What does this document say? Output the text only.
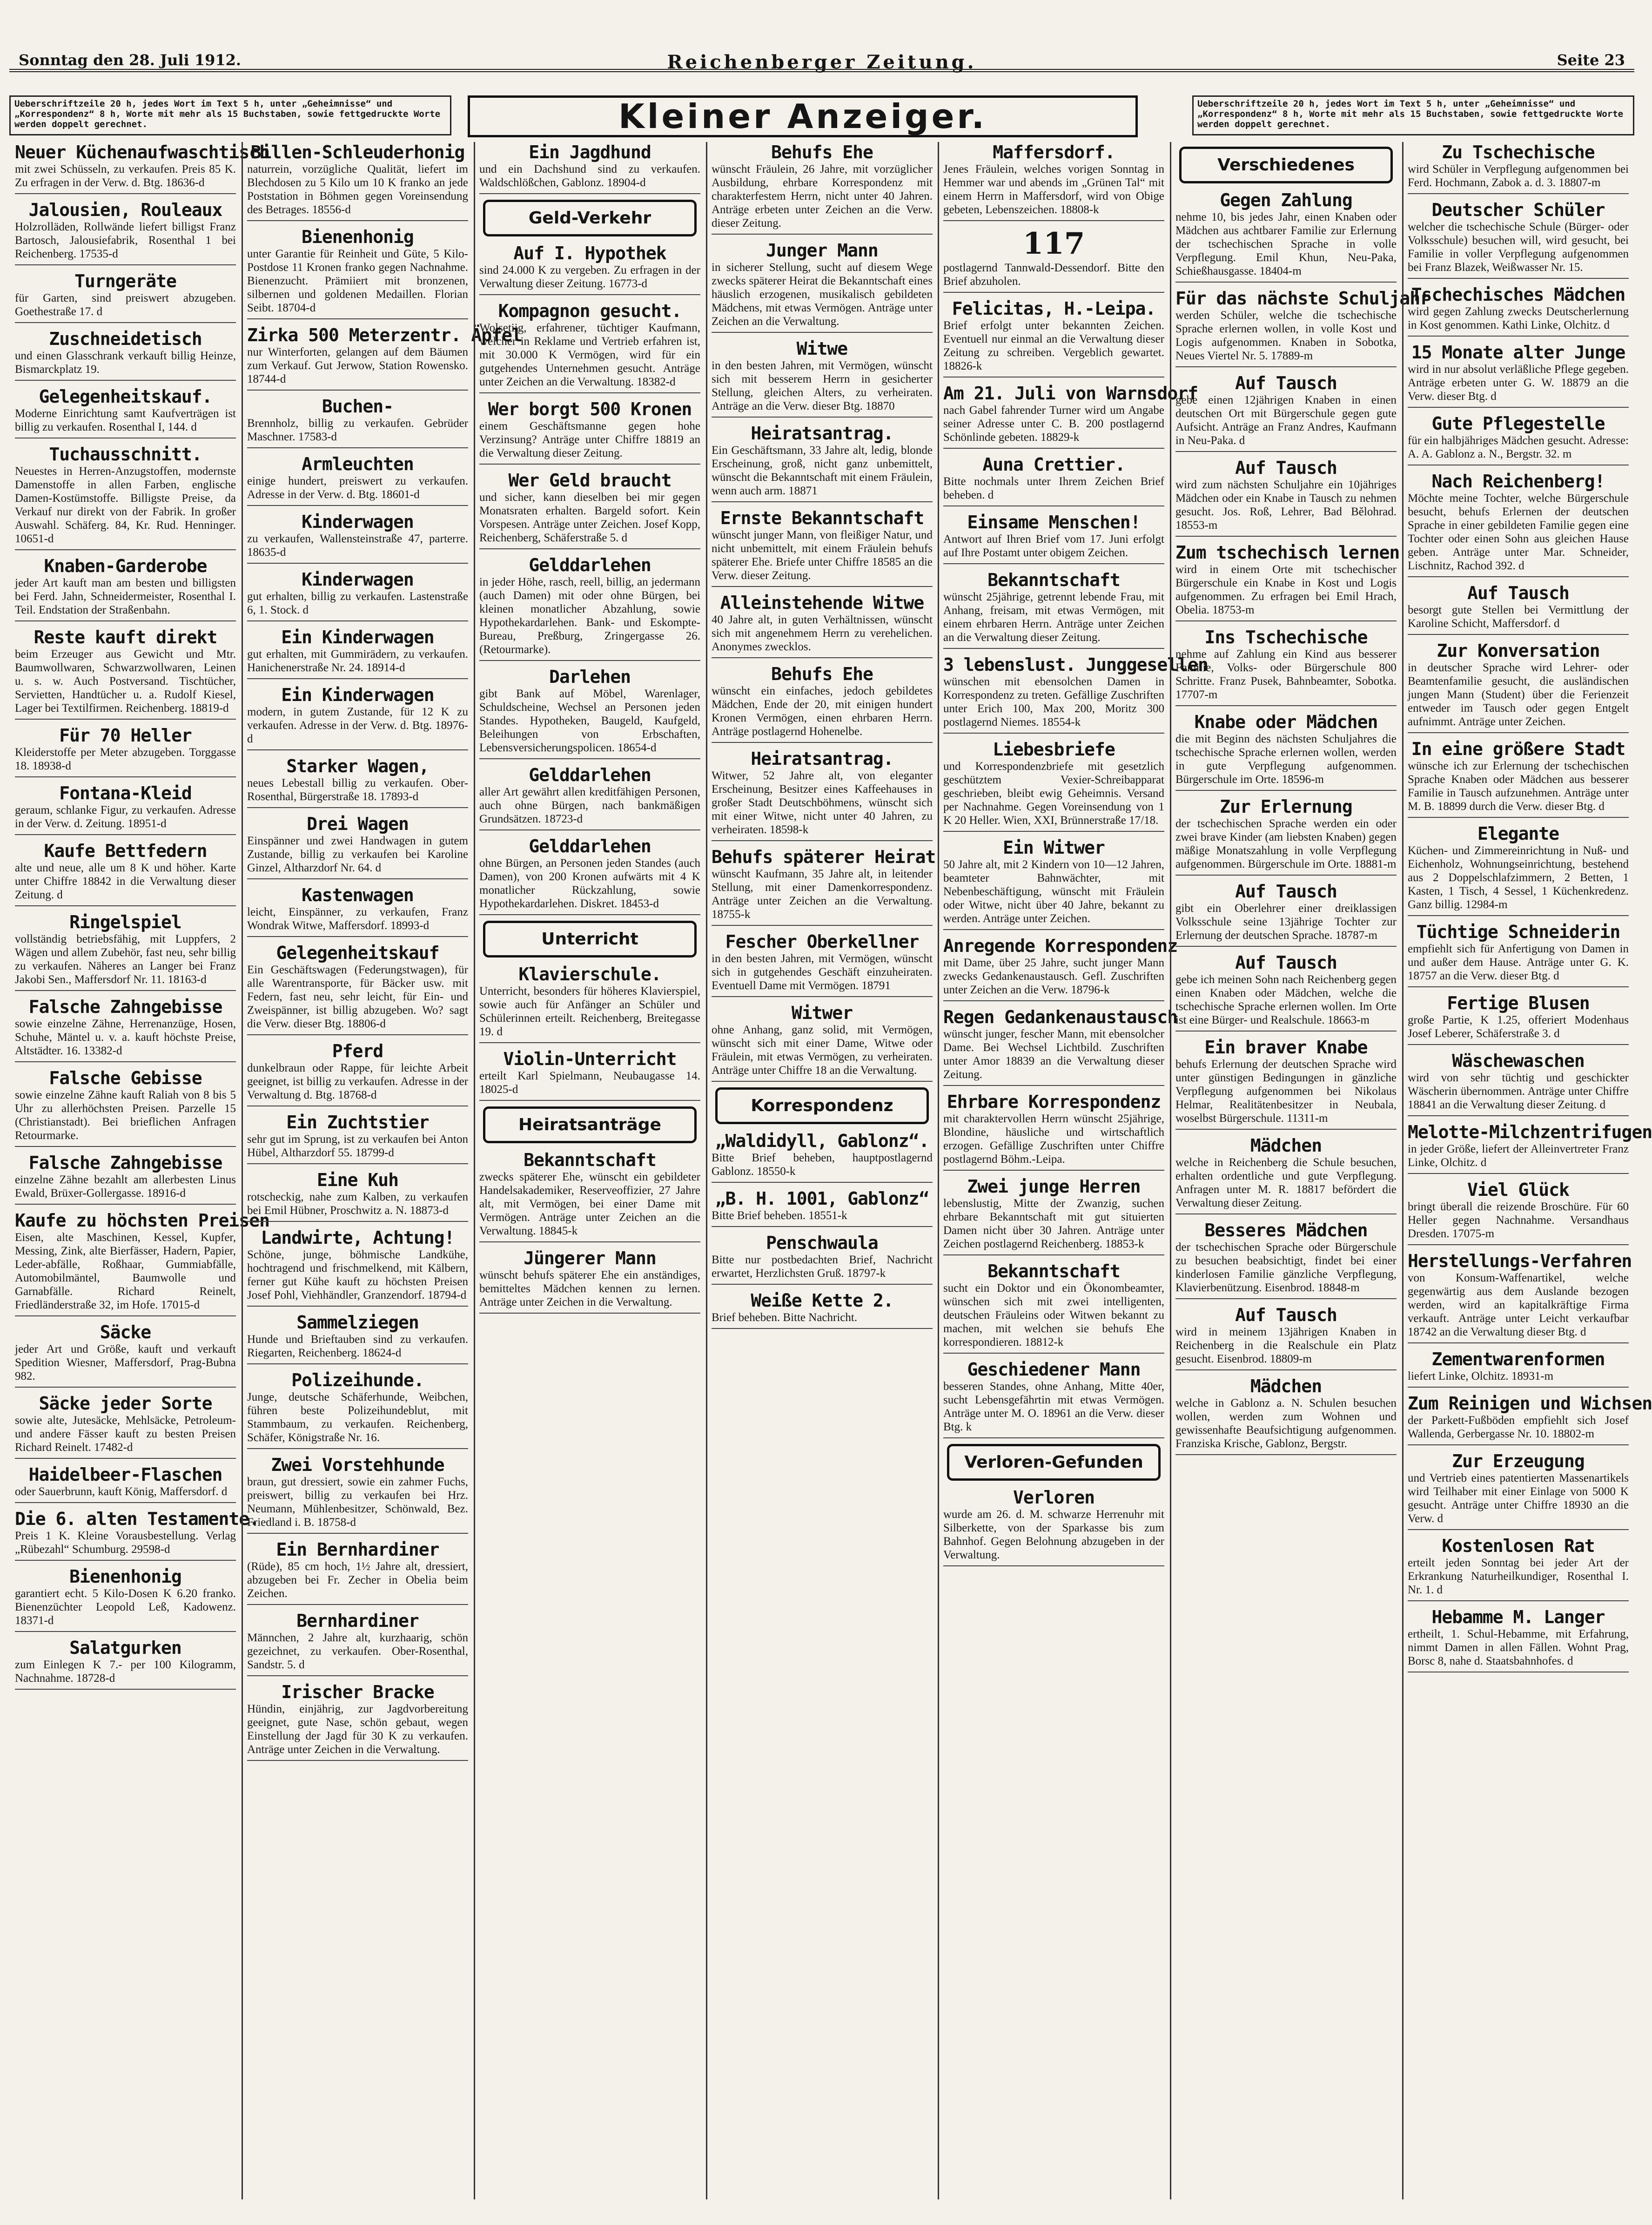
Sonntag den 28. Juli 1912.	Reichenberger Zeitung.	Seite 23
Ueberschriftzeile 20 h, jedes Wort im Text 5 h, unter „Geheimnisse“ und „Korrespondenz“ 8 h, Worte mit mehr als 15 Buchstaben, sowie fettgedruckte Worte werden doppelt gerechnet.	Kleiner Anzeiger.	Ueberschriftzeile 20 h, jedes Wort im Text 5 h, unter „Geheimnisse“ und „Korrespondenz“ 8 h, Worte mit mehr als 15 Buchstaben, sowie fettgedruckte Worte werden doppelt gerechnet.
Neuer Küchenaufwaschtisch
mit zwei Schüsseln, zu verkaufen. Preis 85 K. Zu erfragen in der Verw. d. Btg. 18636-d
Jalousien, Rouleaux
Holzrolläden, Rollwände liefert billigst Franz Bartosch, Jalousiefabrik, Rosenthal 1 bei Reichenberg. 17535-d
Turngeräte
für Garten, sind preiswert abzugeben. Goethestraße 17. d
Zuschneidetisch
und einen Glasschrank verkauft billig Heinze, Bismarckplatz 19.
Gelegenheitskauf.
Moderne Einrichtung samt Kaufverträgen ist billig zu verkaufen. Rosenthal I, 144. d
Tuchausschnitt.
Neuestes in Herren-Anzugstoffen, modernste Damenstoffe in allen Farben, englische Damen-Kostümstoffe. Billigste Preise, da Verkauf nur direkt von der Fabrik. In großer Auswahl. Schäferg. 84, Kr. Rud. Henninger. 10651-d
Knaben-Garderobe
jeder Art kauft man am besten und billigsten bei Ferd. Jahn, Schneidermeister, Rosenthal I. Teil. Endstation der Straßenbahn.
Reste kauft direkt
beim Erzeuger aus Gewicht und Mtr. Baumwollwaren, Schwarzwollwaren, Leinen u. s. w. Auch Postversand. Tischtücher, Servietten, Handtücher u. a. Rudolf Kiesel, Lager bei Textilfirmen. Reichenberg. 18819-d
Für 70 Heller
Kleiderstoffe per Meter abzugeben. Torggasse 18. 18938-d
Fontana-Kleid
geraum, schlanke Figur, zu verkaufen. Adresse in der Verw. d. Zeitung. 18951-d
Kaufe Bettfedern
alte und neue, alle um 8 K und höher. Karte unter Chiffre 18842 in die Verwaltung dieser Zeitung. d
Ringelspiel
vollständig betriebsfähig, mit Luppfers, 2 Wägen und allem Zubehör, fast neu, sehr billig zu verkaufen. Näheres an Langer bei Franz Jakobi Sen., Maffersdorf Nr. 11. 18163-d
Falsche Zahngebisse
sowie einzelne Zähne, Herrenanzüge, Hosen, Schuhe, Mäntel u. v. a. kauft höchste Preise, Altstädter. 16. 13382-d
Falsche Gebisse
sowie einzelne Zähne kauft Raliah von 8 bis 5 Uhr zu allerhöchsten Preisen. Parzelle 15 (Christianstadt). Bei brieflichen Anfragen Retourmarke.
Falsche Zahngebisse
einzelne Zähne bezahlt am allerbesten Linus Ewald, Brüxer-Gollergasse. 18916-d
Kaufe zu höchsten Preisen
Eisen, alte Maschinen, Kessel, Kupfer, Messing, Zink, alte Bierfässer, Hadern, Papier, Leder-abfälle, Roßhaar, Gummiabfälle, Automobilmäntel, Baumwolle und Garnabfälle. Richard Reinelt, Friedländerstraße 32, im Hofe. 17015-d
Säcke
jeder Art und Größe, kauft und verkauft Spedition Wiesner, Maffersdorf, Prag-Bubna 982.
Säcke jeder Sorte
sowie alte, Jutesäcke, Mehlsäcke, Petroleum- und andere Fässer kauft zu besten Preisen Richard Reinelt. 17482-d
Haidelbeer-Flaschen
oder Sauerbrunn, kauft König, Maffersdorf. d
Die 6. alten Testamente.
Preis 1 K. Kleine Vorausbestellung. Verlag „Rübezahl“ Schumburg. 29598-d
Bienenhonig
garantiert echt. 5 Kilo-Dosen K 6.20 franko. Bienenzüchter Leopold Leß, Kadowenz. 18371-d
Salatgurken
zum Einlegen K 7.- per 100 Kilogramm, Nachnahme. 18728-d
Billen-Schleuderhonig
naturrein, vorzügliche Qualität, liefert im Blechdosen zu 5 Kilo um 10 K franko an jede Poststation in Böhmen gegen Voreinsendung des Betrages. 18556-d
Bienenhonig
unter Garantie für Reinheit und Güte, 5 Kilo-Postdose 11 Kronen franko gegen Nachnahme. Bienenzucht. Prämiiert mit bronzenen, silbernen und goldenen Medaillen. Florian Seibt. 18704-d
Zirka 500 Meterzentr. Äpfel
nur Winterforten, gelangen auf dem Bäumen zum Verkauf. Gut Jerwow, Station Rowensko. 18744-d
Buchen-
Brennholz, billig zu verkaufen. Gebrüder Maschner. 17583-d
Armleuchten
einige hundert, preiswert zu verkaufen. Adresse in der Verw. d. Btg. 18601-d
Kinderwagen
zu verkaufen, Wallensteinstraße 47, parterre. 18635-d
Kinderwagen
gut erhalten, billig zu verkaufen. Lastenstraße 6, 1. Stock. d
Ein Kinderwagen
gut erhalten, mit Gummirädern, zu verkaufen. Hanichenerstraße Nr. 24. 18914-d
Ein Kinderwagen
modern, in gutem Zustande, für 12 K zu verkaufen. Adresse in der Verw. d. Btg. 18976-d
Starker Wagen,
neues Lebestall billig zu verkaufen. Ober-Rosenthal, Bürgerstraße 18. 17893-d
Drei Wagen
Einspänner und zwei Handwagen in gutem Zustande, billig zu verkaufen bei Karoline Ginzel, Altharzdorf Nr. 64. d
Kastenwagen
leicht, Einspänner, zu verkaufen, Franz Wondrak Witwe, Maffersdorf. 18993-d
Gelegenheitskauf
Ein Geschäftswagen (Federungstwagen), für alle Warentransporte, für Bäcker usw. mit Federn, fast neu, sehr leicht, für Ein- und Zweispänner, ist billig abzugeben. Wo? sagt die Verw. dieser Btg. 18806-d
Pferd
dunkelbraun oder Rappe, für leichte Arbeit geeignet, ist billig zu verkaufen. Adresse in der Verwaltung d. Btg. 18768-d
Ein Zuchtstier
sehr gut im Sprung, ist zu verkaufen bei Anton Hübel, Altharzdorf 55. 18799-d
Eine Kuh
rotscheckig, nahe zum Kalben, zu verkaufen bei Emil Hübner, Proschwitz a. N. 18873-d
Landwirte, Achtung!
Schöne, junge, böhmische Landkühe, hochtragend und frischmelkend, mit Kälbern, ferner gut Kühe kauft zu höchsten Preisen Josef Pohl, Viehhändler, Granzendorf. 18794-d
Sammelziegen
Hunde und Brieftauben sind zu verkaufen. Riegarten, Reichenberg. 18624-d
Polizeihunde.
Junge, deutsche Schäferhunde, Weibchen, führen beste Polizeihundeblut, mit Stammbaum, zu verkaufen. Reichenberg, Schäfer, Königstraße Nr. 16.
Zwei Vorstehhunde
braun, gut dressiert, sowie ein zahmer Fuchs, preiswert, billig zu verkaufen bei Hrz. Neumann, Mühlenbesitzer, Schönwald, Bez. Friedland i. B. 18758-d
Ein Bernhardiner
(Rüde), 85 cm hoch, 1½ Jahre alt, dressiert, abzugeben bei Fr. Zecher in Obelia beim Zeichen.
Bernhardiner
Männchen, 2 Jahre alt, kurzhaarig, schön gezeichnet, zu verkaufen. Ober-Rosenthal, Sandstr. 5. d
Irischer Bracke
Hündin, einjährig, zur Jagdvorbereitung geeignet, gute Nase, schön gebaut, wegen Einstellung der Jagd für 30 K zu verkaufen. Anträge unter Zeichen in die Verwaltung.
Ein Jagdhund
und ein Dachshund sind zu verkaufen. Waldschlößchen, Gablonz. 18904-d
Geld-Verkehr
Auf I. Hypothek
sind 24.000 K zu vergeben. Zu erfragen in der Verwaltung dieser Zeitung. 16773-d
Kompagnon gesucht.
Wolsetiig, erfahrener, tüchtiger Kaufmann, welcher in Reklame und Vertrieb erfahren ist, mit 30.000 K Vermögen, wird für ein gutgehendes Unternehmen gesucht. Anträge unter Zeichen an die Verwaltung. 18382-d
Wer borgt 500 Kronen
einem Geschäftsmanne gegen hohe Verzinsung? Anträge unter Chiffre 18819 an die Verwaltung dieser Zeitung.
Wer Geld braucht
und sicher, kann dieselben bei mir gegen Monatsraten erhalten. Bargeld sofort. Kein Vorspesen. Anträge unter Zeichen. Josef Kopp, Reichenberg, Schäferstraße 5. d
Gelddarlehen
in jeder Höhe, rasch, reell, billig, an jedermann (auch Damen) mit oder ohne Bürgen, bei kleinen monatlicher Abzahlung, sowie Hypothekardarlehen. Bank- und Eskompte-Bureau, Preßburg, Zringergasse 26. (Retourmarke).
Darlehen
gibt Bank auf Möbel, Warenlager, Schuldscheine, Wechsel an Personen jeden Standes. Hypotheken, Baugeld, Kaufgeld, Beleihungen von Erbschaften, Lebensversicherungspolicen. 18654-d
Gelddarlehen
aller Art gewährt allen kreditfähigen Personen, auch ohne Bürgen, nach bankmäßigen Grundsätzen. 18723-d
Gelddarlehen
ohne Bürgen, an Personen jeden Standes (auch Damen), von 200 Kronen aufwärts mit 4 K monatlicher Rückzahlung, sowie Hypothekardarlehen. Diskret. 18453-d
Unterricht
Klavierschule.
Unterricht, besonders für höheres Klavierspiel, sowie auch für Anfänger an Schüler und Schülerinnen erteilt. Reichenberg, Breitegasse 19. d
Violin-Unterricht
erteilt Karl Spielmann, Neubaugasse 14. 18025-d
Heiratsanträge
Bekanntschaft
zwecks späterer Ehe, wünscht ein gebildeter Handelsakademiker, Reserveoffizier, 27 Jahre alt, mit Vermögen, bei einer Dame mit Vermögen. Anträge unter Zeichen an die Verwaltung. 18845-k
Jüngerer Mann
wünscht behufs späterer Ehe ein anständiges, bemitteltes Mädchen kennen zu lernen. Anträge unter Zeichen in die Verwaltung.
Behufs Ehe
wünscht Fräulein, 26 Jahre, mit vorzüglicher Ausbildung, ehrbare Korrespondenz mit charakterfestem Herrn, nicht unter 40 Jahren. Anträge erbeten unter Zeichen an die Verw. dieser Zeitung.
Junger Mann
in sicherer Stellung, sucht auf diesem Wege zwecks späterer Heirat die Bekanntschaft eines häuslich erzogenen, musikalisch gebildeten Mädchens, mit etwas Vermögen. Anträge unter Zeichen an die Verwaltung.
Witwe
in den besten Jahren, mit Vermögen, wünscht sich mit besserem Herrn in gesicherter Stellung, gleichen Alters, zu verheiraten. Anträge an die Verw. dieser Btg. 18870
Heiratsantrag.
Ein Geschäftsmann, 33 Jahre alt, ledig, blonde Erscheinung, groß, nicht ganz unbemittelt, wünscht die Bekanntschaft mit einem Fräulein, wenn auch arm. 18871
Ernste Bekanntschaft
wünscht junger Mann, von fleißiger Natur, und nicht unbemittelt, mit einem Fräulein behufs späterer Ehe. Briefe unter Chiffre 18585 an die Verw. dieser Zeitung.
Alleinstehende Witwe
40 Jahre alt, in guten Verhältnissen, wünscht sich mit angenehmem Herrn zu verehelichen. Anonymes zwecklos.
Behufs Ehe
wünscht ein einfaches, jedoch gebildetes Mädchen, Ende der 20, mit einigen hundert Kronen Vermögen, einen ehrbaren Herrn. Anträge postlagernd Hohenelbe.
Heiratsantrag.
Witwer, 52 Jahre alt, von eleganter Erscheinung, Besitzer eines Kaffeehauses in großer Stadt Deutschböhmens, wünscht sich mit einer Witwe, nicht unter 40 Jahren, zu verheiraten. 18598-k
Behufs späterer Heirat
wünscht Kaufmann, 35 Jahre alt, in leitender Stellung, mit einer Damenkorrespondenz. Anträge unter Zeichen an die Verwaltung. 18755-k
Fescher Oberkellner
in den besten Jahren, mit Vermögen, wünscht sich in gutgehendes Geschäft einzuheiraten. Eventuell Dame mit Vermögen. 18791
Witwer
ohne Anhang, ganz solid, mit Vermögen, wünscht sich mit einer Dame, Witwe oder Fräulein, mit etwas Vermögen, zu verheiraten. Anträge unter Chiffre 18 an die Verwaltung.
Korrespondenz
„Waldidyll, Gablonz“.
Bitte Brief beheben, hauptpostlagernd Gablonz. 18550-k
„B. H. 1001, Gablonz“
Bitte Brief beheben. 18551-k
Penschwaula
Bitte nur postbedachten Brief, Nachricht erwartet, Herzlichsten Gruß. 18797-k
Weiße Kette 2.
Brief beheben. Bitte Nachricht.
Maffersdorf.
Jenes Fräulein, welches vorigen Sonntag in Hemmer war und abends im „Grünen Tal“ mit einem Herrn in Maffersdorf, wird von Obige gebeten, Lebenszeichen. 18808-k
117
postlagernd Tannwald-Dessendorf. Bitte den Brief abzuholen.
Felicitas, H.-Leipa.
Brief erfolgt unter bekannten Zeichen. Eventuell nur einmal an die Verwaltung dieser Zeitung zu schreiben. Vergeblich gewartet. 18826-k
Am 21. Juli von Warnsdorf
nach Gabel fahrender Turner wird um Angabe seiner Adresse unter C. B. 200 postlagernd Schönlinde gebeten. 18829-k
Auna Crettier.
Bitte nochmals unter Ihrem Zeichen Brief beheben. d
Einsame Menschen!
Antwort auf Ihren Brief vom 17. Juni erfolgt auf Ihre Postamt unter obigem Zeichen.
Bekanntschaft
wünscht 25jährige, getrennt lebende Frau, mit Anhang, freisam, mit etwas Vermögen, mit einem ehrbaren Herrn. Anträge unter Zeichen an die Verwaltung dieser Zeitung.
3 lebenslust. Junggesellen
wünschen mit ebensolchen Damen in Korrespondenz zu treten. Gefällige Zuschriften unter Erich 100, Max 200, Moritz 300 postlagernd Niemes. 18554-k
Liebesbriefe
und Korrespondenzbriefe mit gesetzlich geschütztem Vexier-Schreibapparat geschrieben, bleibt ewig Geheimnis. Versand per Nachnahme. Gegen Voreinsendung von 1 K 20 Heller. Wien, XXI, Brünnerstraße 17/18.
Ein Witwer
50 Jahre alt, mit 2 Kindern von 10—12 Jahren, beamteter Bahnwächter, mit Nebenbeschäftigung, wünscht mit Fräulein oder Witwe, nicht über 40 Jahre, bekannt zu werden. Anträge unter Zeichen.
Anregende Korrespondenz
mit Dame, über 25 Jahre, sucht junger Mann zwecks Gedankenaustausch. Gefl. Zuschriften unter Zeichen an die Verw. 18796-k
Regen Gedankenaustausch
wünscht junger, fescher Mann, mit ebensolcher Dame. Bei Wechsel Lichtbild. Zuschriften unter Amor 18839 an die Verwaltung dieser Zeitung.
Ehrbare Korrespondenz
mit charaktervollen Herrn wünscht 25jährige, Blondine, häusliche und wirtschaftlich erzogen. Gefällige Zuschriften unter Chiffre postlagernd Böhm.-Leipa.
Zwei junge Herren
lebenslustig, Mitte der Zwanzig, suchen ehrbare Bekanntschaft mit gut situierten Damen nicht über 30 Jahren. Anträge unter Zeichen postlagernd Reichenberg. 18853-k
Bekanntschaft
sucht ein Doktor und ein Ökonombeamter, wünschen sich mit zwei intelligenten, deutschen Fräuleins oder Witwen bekannt zu machen, mit welchen sie behufs Ehe korrespondieren. 18812-k
Geschiedener Mann
besseren Standes, ohne Anhang, Mitte 40er, sucht Lebensgefährtin mit etwas Vermögen. Anträge unter M. O. 18961 an die Verw. dieser Btg. k
Verloren-Gefunden
Verloren
wurde am 26. d. M. schwarze Herrenuhr mit Silberkette, von der Sparkasse bis zum Bahnhof. Gegen Belohnung abzugeben in der Verwaltung.
Verschiedenes
Gegen Zahlung
nehme 10, bis jedes Jahr, einen Knaben oder Mädchen aus achtbarer Familie zur Erlernung der tschechischen Sprache in volle Verpflegung. Emil Khun, Neu-Paka, Schießhausgasse. 18404-m
Für das nächste Schuljahr
werden Schüler, welche die tschechische Sprache erlernen wollen, in volle Kost und Logis aufgenommen. Knaben in Sobotka, Neues Viertel Nr. 5. 17889-m
Auf Tausch
gebe einen 12jährigen Knaben in einen deutschen Ort mit Bürgerschule gegen gute Aufsicht. Anträge an Franz Andres, Kaufmann in Neu-Paka. d
Auf Tausch
wird zum nächsten Schuljahre ein 10jähriges Mädchen oder ein Knabe in Tausch zu nehmen gesucht. Jos. Roß, Lehrer, Bad Bělohrad. 18553-m
Zum tschechisch lernen
wird in einem Orte mit tschechischer Bürgerschule ein Knabe in Kost und Logis aufgenommen. Zu erfragen bei Emil Hrach, Obelia. 18753-m
Ins Tschechische
nehme auf Zahlung ein Kind aus besserer Familie, Volks- oder Bürgerschule 800 Schritte. Franz Pusek, Bahnbeamter, Sobotka. 17707-m
Knabe oder Mädchen
die mit Beginn des nächsten Schuljahres die tschechische Sprache erlernen wollen, werden in gute Verpflegung aufgenommen. Bürgerschule im Orte. 18596-m
Zur Erlernung
der tschechischen Sprache werden ein oder zwei brave Kinder (am liebsten Knaben) gegen mäßige Monatszahlung in volle Verpflegung aufgenommen. Bürgerschule im Orte. 18881-m
Auf Tausch
gibt ein Oberlehrer einer dreiklassigen Volksschule seine 13jährige Tochter zur Erlernung der deutschen Sprache. 18787-m
Auf Tausch
gebe ich meinen Sohn nach Reichenberg gegen einen Knaben oder Mädchen, welche die tschechische Sprache erlernen wollen. Im Orte ist eine Bürger- und Realschule. 18663-m
Ein braver Knabe
behufs Erlernung der deutschen Sprache wird unter günstigen Bedingungen in gänzliche Verpflegung aufgenommen bei Nikolaus Helmar, Realitätenbesitzer in Neubala, woselbst Bürgerschule. 11311-m
Mädchen
welche in Reichenberg die Schule besuchen, erhalten ordentliche und gute Verpflegung. Anfragen unter M. R. 18817 befördert die Verwaltung dieser Zeitung.
Besseres Mädchen
der tschechischen Sprache oder Bürgerschule zu besuchen beabsichtigt, findet bei einer kinderlosen Familie gänzliche Verpflegung, Klavierbenützung. Eisenbrod. 18848-m
Auf Tausch
wird in meinem 13jährigen Knaben in Reichenberg in die Realschule ein Platz gesucht. Eisenbrod. 18809-m
Mädchen
welche in Gablonz a. N. Schulen besuchen wollen, werden zum Wohnen und gewissenhafte Beaufsichtigung aufgenommen. Franziska Krische, Gablonz, Bergstr.
Zu Tschechische
wird Schüler in Verpflegung aufgenommen bei Ferd. Hochmann, Zabok a. d. 3. 18807-m
Deutscher Schüler
welcher die tschechische Schule (Bürger- oder Volksschule) besuchen will, wird gesucht, bei Familie in voller Verpflegung aufgenommen bei Franz Blazek, Weißwasser Nr. 15.
Tschechisches Mädchen
wird gegen Zahlung zwecks Deutscherlernung in Kost genommen. Kathi Linke, Olchitz. d
15 Monate alter Junge
wird in nur absolut verläßliche Pflege gegeben. Anträge erbeten unter G. W. 18879 an die Verw. dieser Btg. d
Gute Pflegestelle
für ein halbjähriges Mädchen gesucht. Adresse: A. A. Gablonz a. N., Bergstr. 32. m
Nach Reichenberg!
Möchte meine Tochter, welche Bürgerschule besucht, behufs Erlernen der deutschen Sprache in einer gebildeten Familie gegen eine Tochter oder einen Sohn aus gleichen Hause geben. Anträge unter Mar. Schneider, Lischnitz, Rachod 392. d
Auf Tausch
besorgt gute Stellen bei Vermittlung der Karoline Schicht, Maffersdorf. d
Zur Konversation
in deutscher Sprache wird Lehrer- oder Beamtenfamilie gesucht, die ausländischen jungen Mann (Student) über die Ferienzeit entweder im Tausch oder gegen Entgelt aufnimmt. Anträge unter Zeichen.
In eine größere Stadt
wünsche ich zur Erlernung der tschechischen Sprache Knaben oder Mädchen aus besserer Familie in Tausch aufzunehmen. Anträge unter M. B. 18899 durch die Verw. dieser Btg. d
Elegante
Küchen- und Zimmereinrichtung in Nuß- und Eichenholz, Wohnungseinrichtung, bestehend aus 2 Doppelschlafzimmern, 2 Betten, 1 Kasten, 1 Tisch, 4 Sessel, 1 Küchenkredenz. Ganz billig. 12984-m
Tüchtige Schneiderin
empfiehlt sich für Anfertigung von Damen in und außer dem Hause. Anträge unter G. K. 18757 an die Verw. dieser Btg. d
Fertige Blusen
große Partie, K 1.25, offeriert Modenhaus Josef Leberer, Schäferstraße 3. d
Wäschewaschen
wird von sehr tüchtig und geschickter Wäscherin übernommen. Anträge unter Chiffre 18841 an die Verwaltung dieser Zeitung. d
Melotte-Milchzentrifugen
in jeder Größe, liefert der Alleinvertreter Franz Linke, Olchitz. d
Viel Glück
bringt überall die reizende Broschüre. Für 60 Heller gegen Nachnahme. Versandhaus Dresden. 17075-m
Herstellungs-Verfahren
von Konsum-Waffenartikel, welche gegenwärtig aus dem Auslande bezogen werden, wird an kapitalkräftige Firma verkauft. Anträge unter Leicht verkaufbar 18742 an die Verwaltung dieser Btg. d
Zementwarenformen
liefert Linke, Olchitz. 18931-m
Zum Reinigen und Wichsen
der Parkett-Fußböden empfiehlt sich Josef Wallenda, Gerbergasse Nr. 10. 18802-m
Zur Erzeugung
und Vertrieb eines patentierten Massenartikels wird Teilhaber mit einer Einlage von 5000 K gesucht. Anträge unter Chiffre 18930 an die Verw. d
Kostenlosen Rat
erteilt jeden Sonntag bei jeder Art der Erkrankung Naturheilkundiger, Rosenthal I. Nr. 1. d
Hebamme M. Langer
ertheilt, 1. Schul-Hebamme, mit Erfahrung, nimmt Damen in allen Fällen. Wohnt Prag, Borsc 8, nahe d. Staatsbahnhofes. d
